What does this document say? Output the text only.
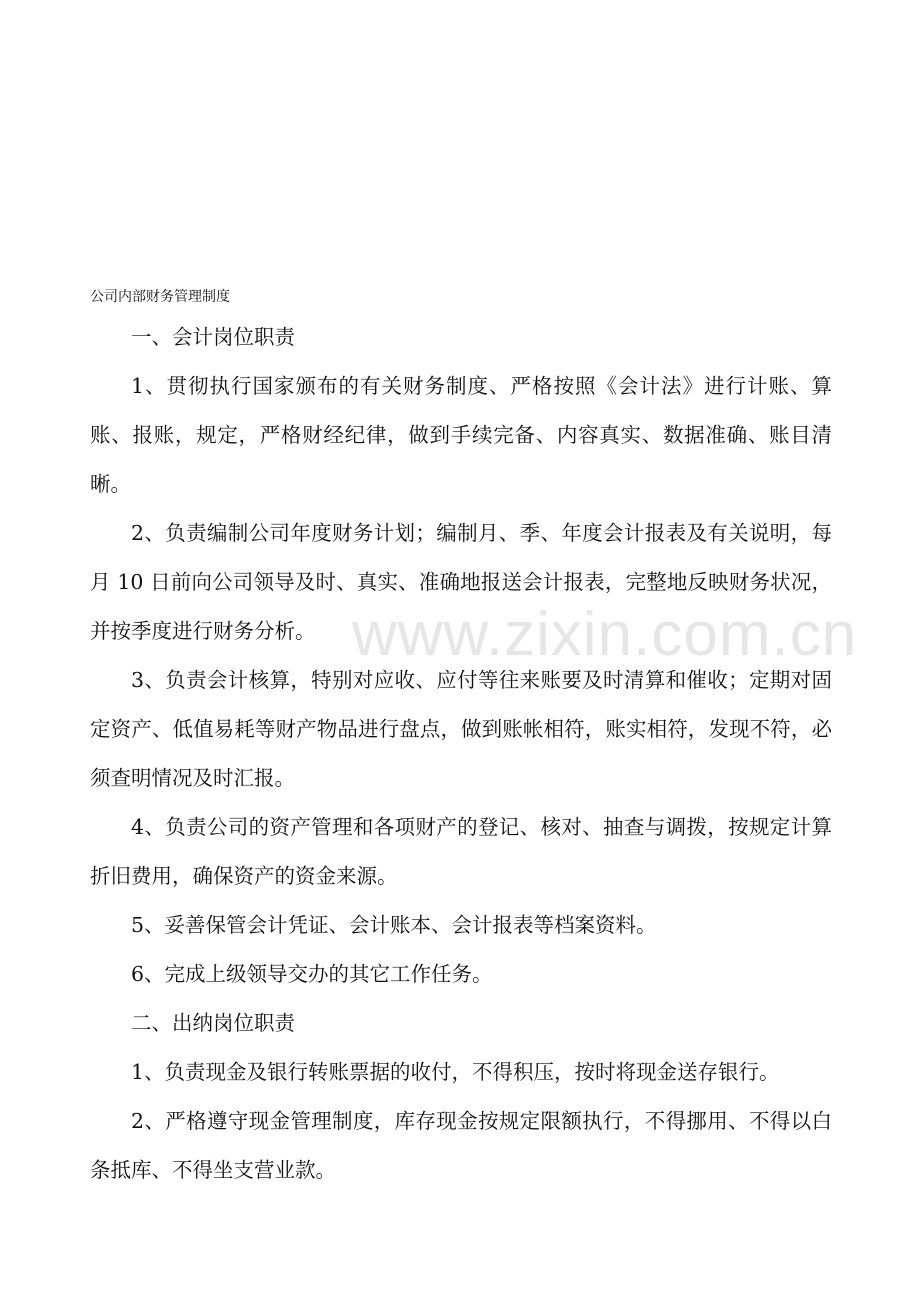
公司内部财务管理制度

一、会计岗位职责

1、贯彻执行国家颁布的有关财务制度、严格按照《会计法》进行计账、算账、报账，规定，严格财经纪律，做到手续完备、内容真实、数据准确、账目清晰。

2、负责编制公司年度财务计划；编制月、季、年度会计报表及有关说明，每月 10 日前向公司领导及时、真实、准确地报送会计报表，完整地反映财务状况，并按季度进行财务分析。

3、负责会计核算，特别对应收、应付等往来账要及时清算和催收；定期对固定资产、低值易耗等财产物品进行盘点，做到账帐相符，账实相符，发现不符，必须查明情况及时汇报。

4、负责公司的资产管理和各项财产的登记、核对、抽查与调拨，按规定计算折旧费用，确保资产的资金来源。

5、妥善保管会计凭证、会计账本、会计报表等档案资料。

6、完成上级领导交办的其它工作任务。

二、出纳岗位职责

1、负责现金及银行转账票据的收付，不得积压，按时将现金送存银行。

2、严格遵守现金管理制度，库存现金按规定限额执行，不得挪用、不得以白条抵库、不得坐支营业款。

www.zixin.com.cn
